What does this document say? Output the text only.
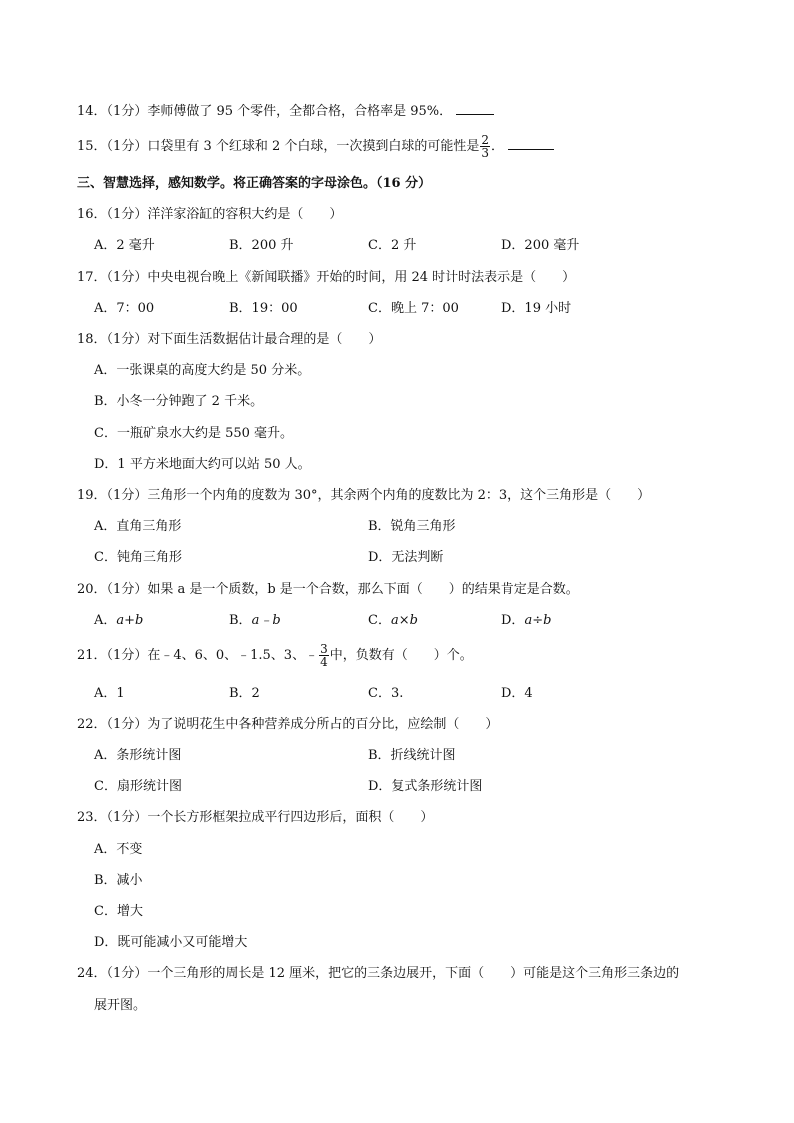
14．（1分）李师傅做了 95 个零件，全都合格，合格率是 95%．
15．（1分）口袋里有 3 个红球和 2 个白球，一次摸到白球的可能性是 $\frac{2}{3}$ ．
三、智慧选择，感知数学。将正确答案的字母涂色。（16 分）
16．（1分）洋洋家浴缸的容积大约是（　　）
A．2 毫升	B．200 升	C．2 升	D．200 毫升
17．（1分）中央电视台晚上《新闻联播》开始的时间，用 24 时计时法表示是（　　）
A．7：00	B．19：00	C．晚上 7：00	D．19 小时
18．（1分）对下面生活数据估计最合理的是（　　）
A．一张课桌的高度大约是 50 分米。
B．小冬一分钟跑了 2 千米。
C．一瓶矿泉水大约是 550 毫升。
D．1 平方米地面大约可以站 50 人。
19．（1分）三角形一个内角的度数为 30°，其余两个内角的度数比为 2：3，这个三角形是（　　）
A．直角三角形	B．锐角三角形
C．钝角三角形	D．无法判断
20．（1分）如果 a 是一个质数，b 是一个合数，那么下面（　　）的结果肯定是合数。
A．a+b	B．a﹣b	C．a×b	D．a÷b
21．（1分）在﹣4、6、0、﹣1.5、3、﹣ $\frac{3}{4}$ 中，负数有（　　）个。
A．1	B．2	C．3.	D．4
22．（1分）为了说明花生中各种营养成分所占的百分比，应绘制（　　）
A．条形统计图	B．折线统计图
C．扇形统计图	D．复式条形统计图
23．（1分）一个长方形框架拉成平行四边形后，面积（　　）
A．不变
B．减小
C．增大
D．既可能减小又可能增大
24．（1分）一个三角形的周长是 12 厘米，把它的三条边展开，下面（　　）可能是这个三角形三条边的
展开图。
